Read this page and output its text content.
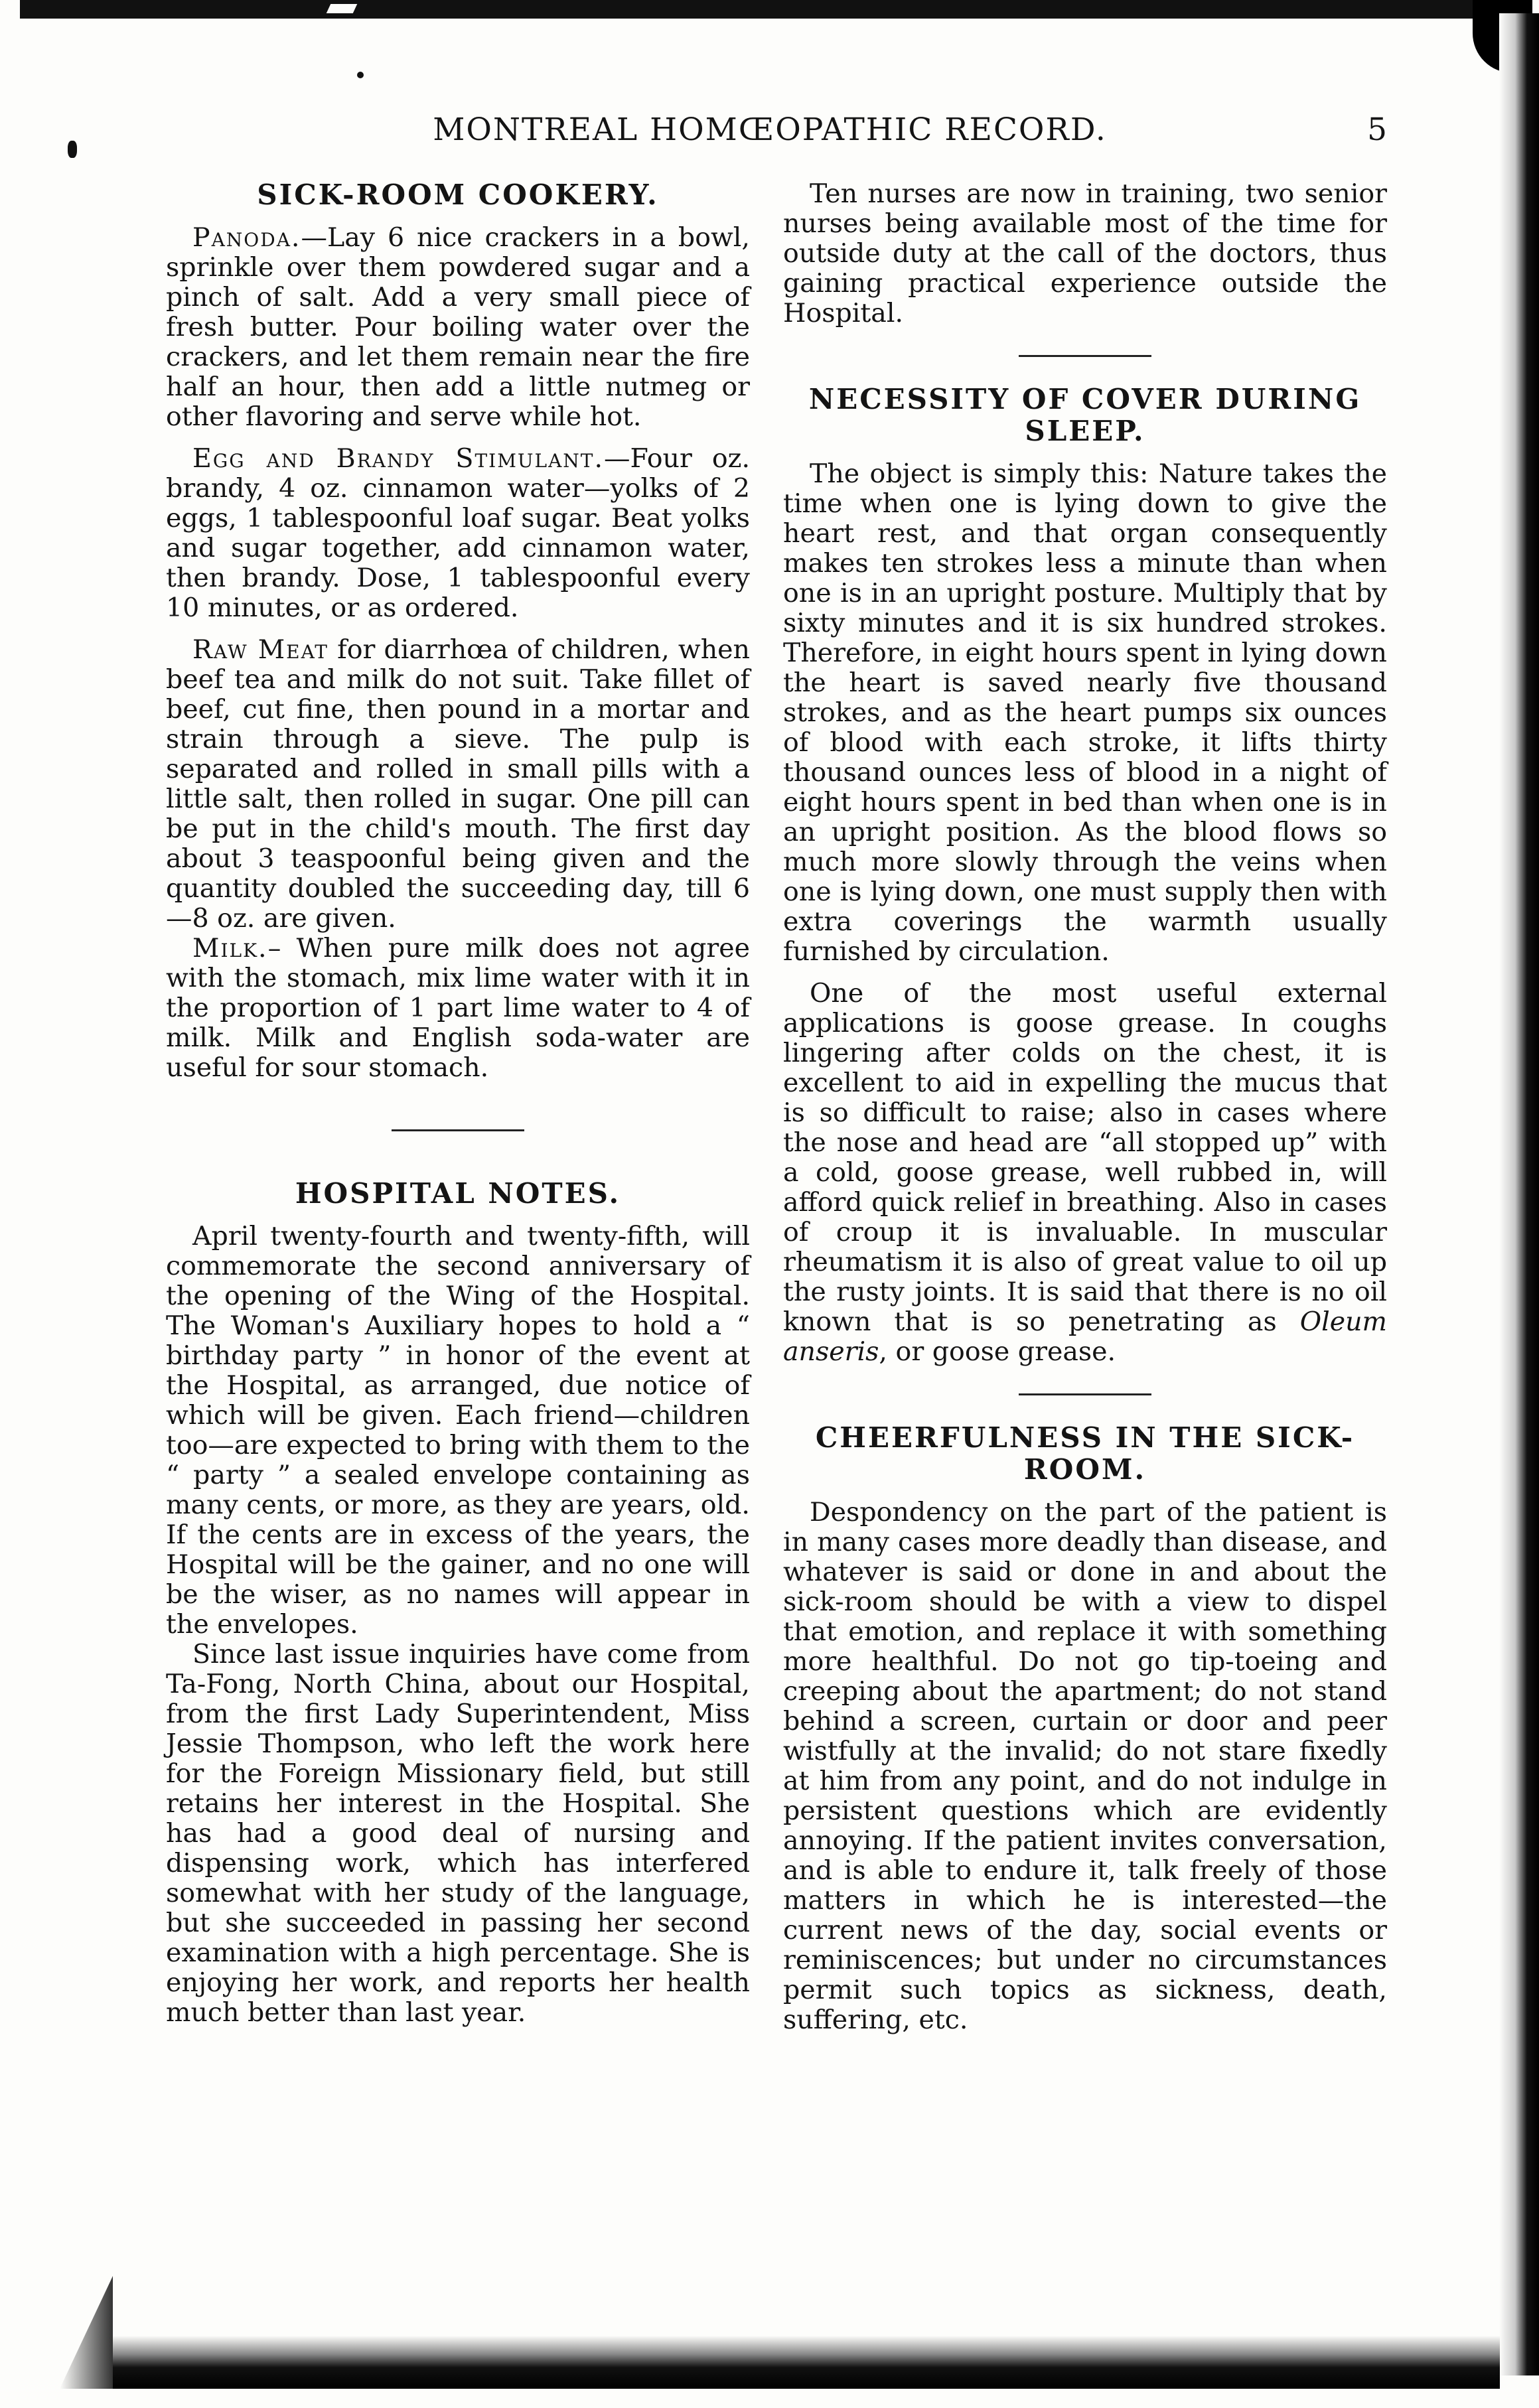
MONTREAL HOMŒOPATHIC RECORD.	5
SICK-ROOM COOKERY.

Panoda.—Lay 6 nice crackers in a bowl, sprinkle over them powdered sugar and a pinch of salt. Add a very small piece of fresh butter. Pour boiling water over the crackers, and let them remain near the fire half an hour, then add a little nutmeg or other flavoring and serve while hot.

Egg and Brandy Stimulant.—Four oz. brandy, 4 oz. cinnamon water—yolks of 2 eggs, 1 tablespoonful loaf sugar. Beat yolks and sugar together, add cinnamon water, then brandy. Dose, 1 tablespoonful every 10 minutes, or as ordered.

Raw Meat for diarrhœa of children, when beef tea and milk do not suit. Take fillet of beef, cut fine, then pound in a mortar and strain through a sieve. The pulp is separated and rolled in small pills with a little salt, then rolled in sugar. One pill can be put in the child's mouth. The first day about 3 teaspoonful being given and the quantity doubled the succeeding day, till 6—8 oz. are given.

Milk.– When pure milk does not agree with the stomach, mix lime water with it in the proportion of 1 part lime water to 4 of milk. Milk and English soda-water are useful for sour stomach.

HOSPITAL NOTES.

April twenty-fourth and twenty-fifth, will commemorate the second anniversary of the opening of the Wing of the Hospital. The Woman's Auxiliary hopes to hold a “ birthday party ” in honor of the event at the Hospital, as arranged, due notice of which will be given. Each friend—children too—are expected to bring with them to the “ party ” a sealed envelope containing as many cents, or more, as they are years, old. If the cents are in excess of the years, the Hospital will be the gainer, and no one will be the wiser, as no names will appear in the envelopes.

Since last issue inquiries have come from Ta-Fong, North China, about our Hospital, from the first Lady Superintendent, Miss Jessie Thompson, who left the work here for the Foreign Missionary field, but still retains her interest in the Hospital. She has had a good deal of nursing and dispensing work, which has interfered somewhat with her study of the language, but she succeeded in passing her second examination with a high percentage. She is enjoying her work, and reports her health much better than last year.

Ten nurses are now in training, two senior nurses being available most of the time for outside duty at the call of the doctors, thus gaining practical experience outside the Hospital.

NECESSITY OF COVER DURING SLEEP.

The object is simply this: Nature takes the time when one is lying down to give the heart rest, and that organ consequently makes ten strokes less a minute than when one is in an upright posture. Multiply that by sixty minutes and it is six hundred strokes. Therefore, in eight hours spent in lying down the heart is saved nearly five thousand strokes, and as the heart pumps six ounces of blood with each stroke, it lifts thirty thousand ounces less of blood in a night of eight hours spent in bed than when one is in an upright position. As the blood flows so much more slowly through the veins when one is lying down, one must supply then with extra coverings the warmth usually furnished by circulation.

One of the most useful external applications is goose grease. In coughs lingering after colds on the chest, it is excellent to aid in expelling the mucus that is so difficult to raise; also in cases where the nose and head are “all stopped up” with a cold, goose grease, well rubbed in, will afford quick relief in breathing. Also in cases of croup it is invaluable. In muscular rheumatism it is also of great value to oil up the rusty joints. It is said that there is no oil known that is so penetrating as Oleum anseris, or goose grease.

CHEERFULNESS IN THE SICK-ROOM.

Despondency on the part of the patient is in many cases more deadly than disease, and whatever is said or done in and about the sick-room should be with a view to dispel that emotion, and replace it with something more healthful. Do not go tip-toeing and creeping about the apartment; do not stand behind a screen, curtain or door and peer wistfully at the invalid; do not stare fixedly at him from any point, and do not indulge in persistent questions which are evidently annoying. If the patient invites conversation, and is able to endure it, talk freely of those matters in which he is interested—the current news of the day, social events or reminiscences; but under no circumstances permit such topics as sickness, death, suffering, etc.
